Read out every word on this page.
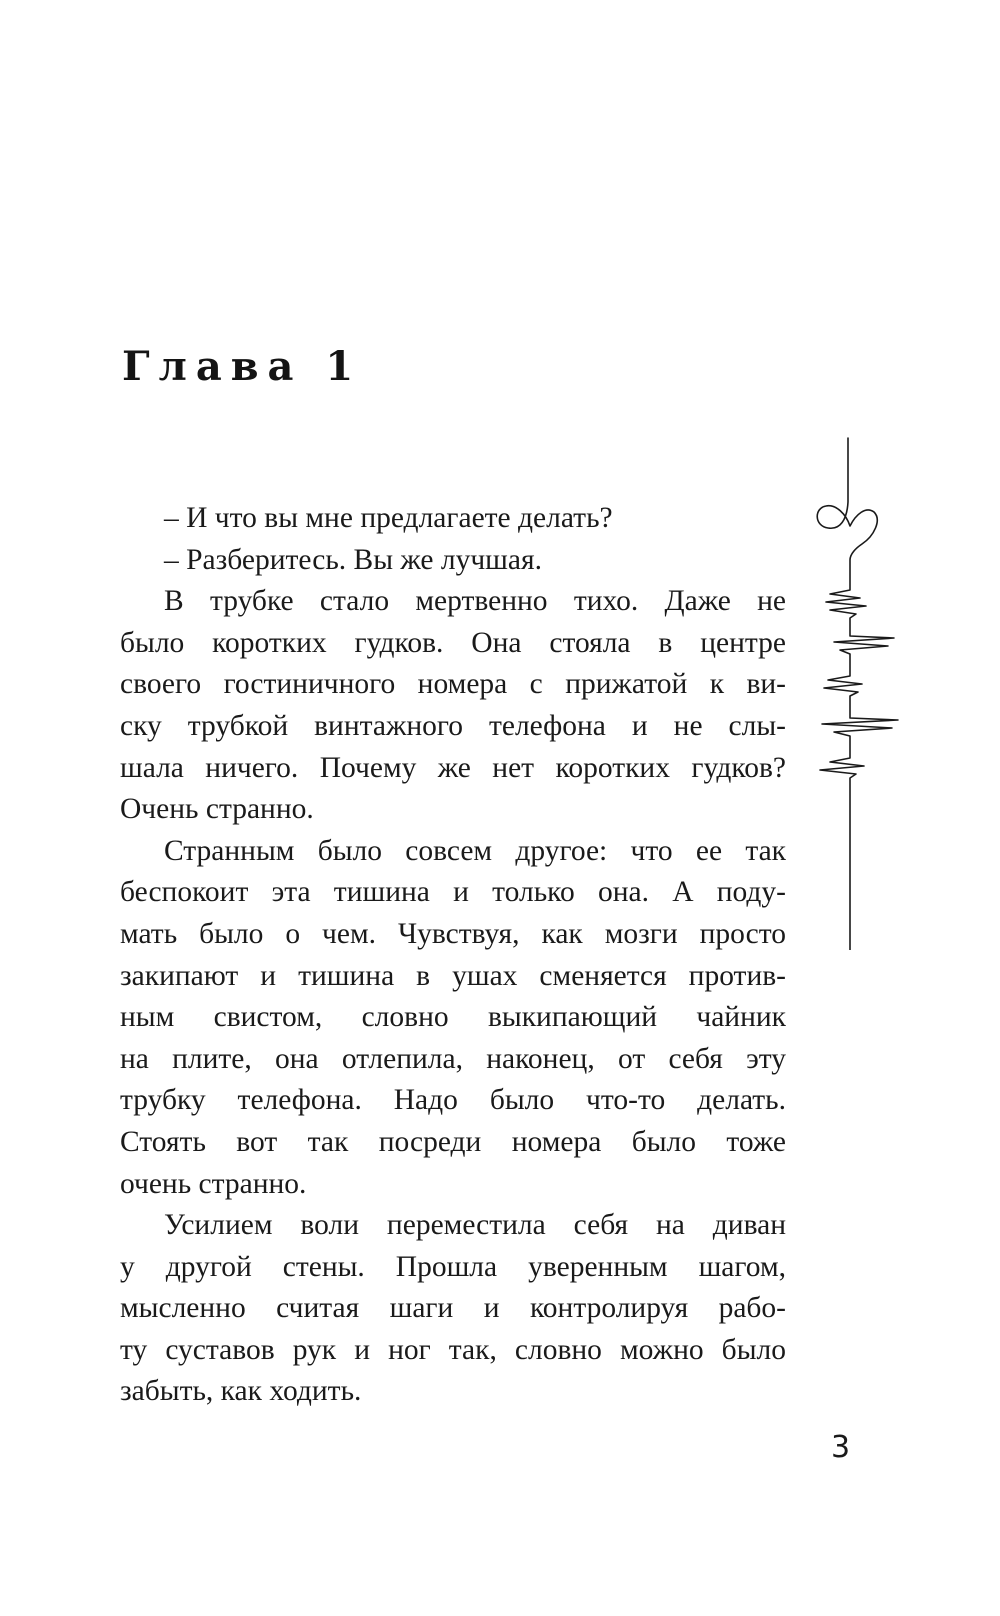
Глава 1
– И что вы мне предлагаете делать?
– Разберитесь. Вы же лучшая.
В трубке стало мертвенно тихо. Даже не
было коротких гудков. Она стояла в центре
своего гостиничного номера с прижатой к ви-
ску трубкой винтажного телефона и не слы-
шала ничего. Почему же нет коротких гудков?
Очень странно.
Странным было совсем другое: что ее так
беспокоит эта тишина и только она. А поду-
мать было о чем. Чувствуя, как мозги просто
закипают и тишина в ушах сменяется против-
ным свистом, словно выкипающий чайник
на плите, она отлепила, наконец, от себя эту
трубку телефона. Надо было что-то делать.
Стоять вот так посреди номера было тоже
очень странно.
Усилием воли переместила себя на диван
у другой стены. Прошла уверенным шагом,
мысленно считая шаги и контролируя рабо-
ту суставов рук и ног так, словно можно было
забыть, как ходить.
3
